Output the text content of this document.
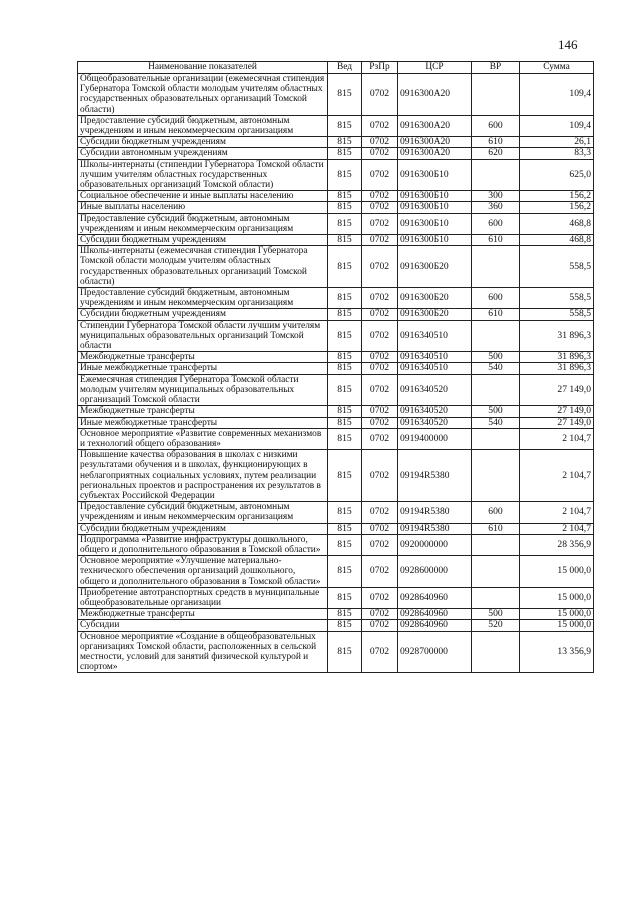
146
Наименование показателей	Вед	РзПр	ЦСР	ВР	Сумма
Общеобразовательные организации (ежемесячная стипендия Губернатора Томской области молодым учителям областных государственных образовательных организаций Томской области)	815	0702	0916300А20		109,4
Предоставление субсидий бюджетным, автономным учреждениям и иным некоммерческим организациям	815	0702	0916300А20	600	109,4
Субсидии бюджетным учреждениям	815	0702	0916300А20	610	26,1
Субсидии автономным учреждениям	815	0702	0916300А20	620	83,3
Школы-интернаты (стипендии Губернатора Томской области лучшим учителям областных государственных образовательных организаций Томской области)	815	0702	0916300Б10		625,0
Социальное обеспечение и иные выплаты населению	815	0702	0916300Б10	300	156,2
Иные выплаты населению	815	0702	0916300Б10	360	156,2
Предоставление субсидий бюджетным, автономным учреждениям и иным некоммерческим организациям	815	0702	0916300Б10	600	468,8
Субсидии бюджетным учреждениям	815	0702	0916300Б10	610	468,8
Школы-интернаты (ежемесячная стипендия Губернатора Томской области молодым учителям областных государственных образовательных организаций Томской области)	815	0702	0916300Б20		558,5
Предоставление субсидий бюджетным, автономным учреждениям и иным некоммерческим организациям	815	0702	0916300Б20	600	558,5
Субсидии бюджетным учреждениям	815	0702	0916300Б20	610	558,5
Стипендии Губернатора Томской области лучшим учителям муниципальных образовательных организаций Томской области	815	0702	0916340510		31 896,3
Межбюджетные трансферты	815	0702	0916340510	500	31 896,3
Иные межбюджетные трансферты	815	0702	0916340510	540	31 896,3
Ежемесячная стипендия Губернатора Томской области молодым учителям муниципальных образовательных организаций Томской области	815	0702	0916340520		27 149,0
Межбюджетные трансферты	815	0702	0916340520	500	27 149,0
Иные межбюджетные трансферты	815	0702	0916340520	540	27 149,0
Основное мероприятие «Развитие современных механизмов и технологий общего образования»	815	0702	0919400000		2 104,7
Повышение качества образования в школах с низкими результатами обучения и в школах, функционирующих в неблагоприятных социальных условиях, путем реализации региональных проектов и распространения их результатов в субъектах Российской Федерации	815	0702	09194R5380		2 104,7
Предоставление субсидий бюджетным, автономным учреждениям и иным некоммерческим организациям	815	0702	09194R5380	600	2 104,7
Субсидии бюджетным учреждениям	815	0702	09194R5380	610	2 104,7
Подпрограмма «Развитие инфраструктуры дошкольного, общего и дополнительного образования в Томской области»	815	0702	0920000000		28 356,9
Основное мероприятие «Улучшение материально-технического обеспечения организаций дошкольного, общего и дополнительного образования в Томской области»	815	0702	0928600000		15 000,0
Приобретение автотранспортных средств в муниципальные общеобразовательные организации	815	0702	0928640960		15 000,0
Межбюджетные трансферты	815	0702	0928640960	500	15 000,0
Субсидии	815	0702	0928640960	520	15 000,0
Основное мероприятие «Создание в общеобразовательных организациях Томской области, расположенных в сельской местности, условий для занятий физической культурой и спортом»	815	0702	0928700000		13 356,9
